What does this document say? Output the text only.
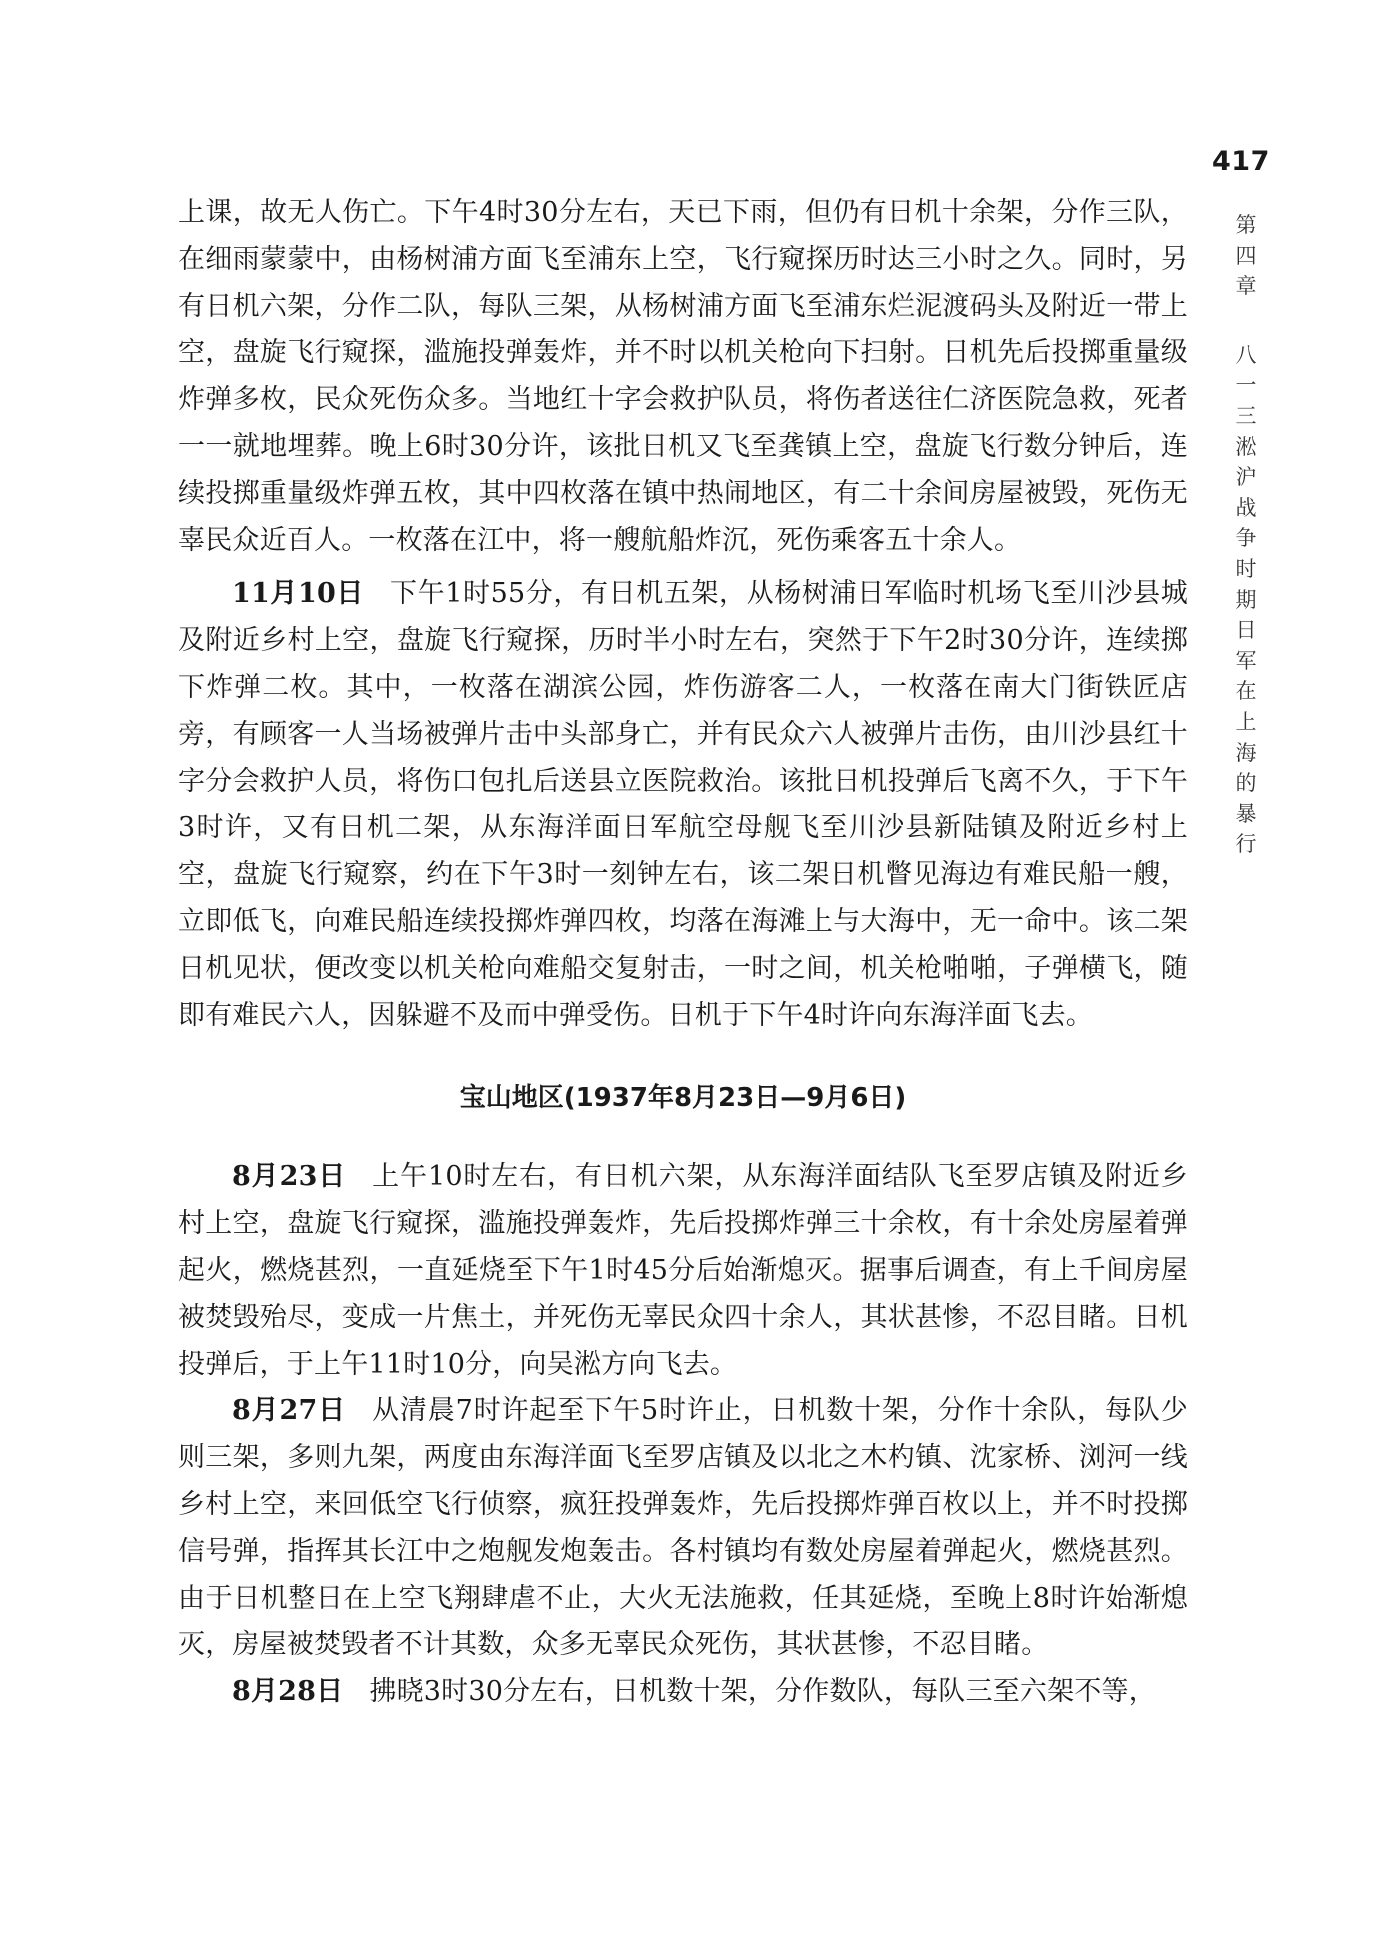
417
第
四
章
八
一
三
淞
沪
战
争
时
期
日
军
在
上
海
的
暴
行

上课，故无人伤亡。下午4时30分左右，天已下雨，但仍有日机十余架，分作三队，在细雨蒙蒙中，由杨树浦方面飞至浦东上空，飞行窥探历时达三小时之久。同时，另有日机六架，分作二队，每队三架，从杨树浦方面飞至浦东烂泥渡码头及附近一带上空，盘旋飞行窥探，滥施投弹轰炸，并不时以机关枪向下扫射。日机先后投掷重量级炸弹多枚，民众死伤众多。当地红十字会救护队员，将伤者送往仁济医院急救，死者一一就地埋葬。晚上6时30分许，该批日机又飞至龚镇上空，盘旋飞行数分钟后，连续投掷重量级炸弹五枚，其中四枚落在镇中热闹地区，有二十余间房屋被毁，死伤无辜民众近百人。一枚落在江中，将一艘航船炸沉，死伤乘客五十余人。

11月10日 下午1时55分，有日机五架，从杨树浦日军临时机场飞至川沙县城及附近乡村上空，盘旋飞行窥探，历时半小时左右，突然于下午2时30分许，连续掷下炸弹二枚。其中，一枚落在湖滨公园，炸伤游客二人，一枚落在南大门街铁匠店旁，有顾客一人当场被弹片击中头部身亡，并有民众六人被弹片击伤，由川沙县红十字分会救护人员，将伤口包扎后送县立医院救治。该批日机投弹后飞离不久，于下午3时许，又有日机二架，从东海洋面日军航空母舰飞至川沙县新陆镇及附近乡村上空，盘旋飞行窥察，约在下午3时一刻钟左右，该二架日机瞥见海边有难民船一艘，立即低飞，向难民船连续投掷炸弹四枚，均落在海滩上与大海中，无一命中。该二架日机见状，便改变以机关枪向难船交复射击，一时之间，机关枪啪啪，子弹横飞，随即有难民六人，因躲避不及而中弹受伤。日机于下午4时许向东海洋面飞去。

宝山地区(1937年8月23日—9月6日)

8月23日 上午10时左右，有日机六架，从东海洋面结队飞至罗店镇及附近乡村上空，盘旋飞行窥探，滥施投弹轰炸，先后投掷炸弹三十余枚，有十余处房屋着弹起火，燃烧甚烈，一直延烧至下午1时45分后始渐熄灭。据事后调查，有上千间房屋被焚毁殆尽，变成一片焦土，并死伤无辜民众四十余人，其状甚惨，不忍目睹。日机投弹后，于上午11时10分，向吴淞方向飞去。

8月27日 从清晨7时许起至下午5时许止，日机数十架，分作十余队，每队少则三架，多则九架，两度由东海洋面飞至罗店镇及以北之木杓镇、沈家桥、浏河一线乡村上空，来回低空飞行侦察，疯狂投弹轰炸，先后投掷炸弹百枚以上，并不时投掷信号弹，指挥其长江中之炮舰发炮轰击。各村镇均有数处房屋着弹起火，燃烧甚烈。由于日机整日在上空飞翔肆虐不止，大火无法施救，任其延烧，至晚上8时许始渐熄灭，房屋被焚毁者不计其数，众多无辜民众死伤，其状甚惨，不忍目睹。

8月28日 拂晓3时30分左右，日机数十架，分作数队，每队三至六架不等，
